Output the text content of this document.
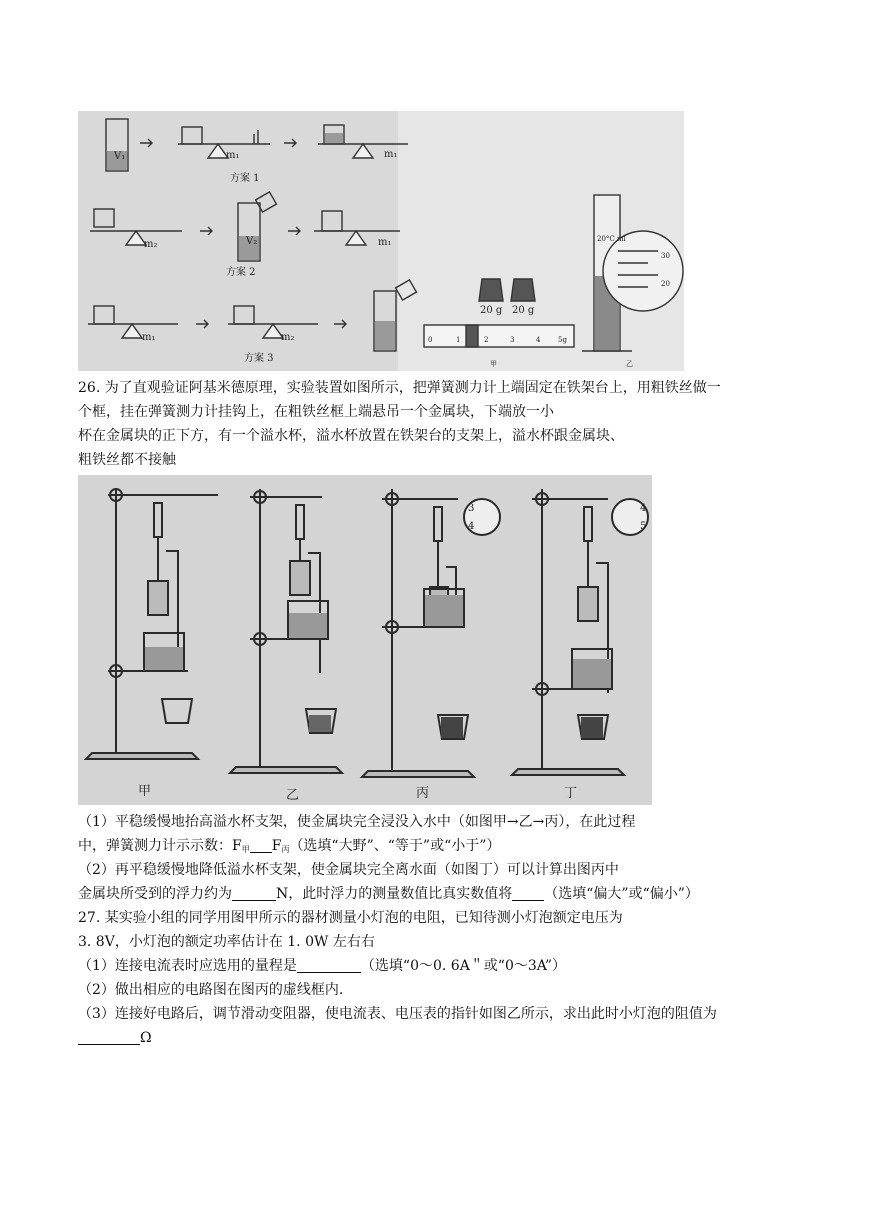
V₁
V₂
m₁	m₁
m₂	m₁
m₁	m₂
方案 1
方案 2
方案 3
20 g 20 g
0	1	2	3	4	5g
30
20
20°C ml
甲	乙
26. 为了直观验证阿基米德原理，实验装置如图所示，把弹簧测力计上端固定在铁架台上，用粗铁丝做一
个框，挂在弹簧测力计挂钩上，在粗铁丝框上端悬吊一个金属块，下端放一小
杯在金属块的正下方，有一个溢水杯，溢水杯放置在铁架台的支架上，溢水杯跟金属块、
粗铁丝都不接触
甲	乙	丙	丁
3
4
4
5
（1）平稳缓慢地抬高溢水杯支架，使金属块完全浸没入水中（如图甲→乙→丙），在此过程
中，弹簧测力计示示数：$F_甲$ $F_丙$（选填“大野”、“等于”或“小于”）
（2）再平稳缓慢地降低溢水杯支架，使金属块完全离水面（如图丁）可以计算出图丙中
金属块所受到的浮力约为	N，此时浮力的测量数值比真实数值将 （选填“偏大”或“偏小”）
27. 某实验小组的同学用图甲所示的器材测量小灯泡的电阻，已知待测小灯泡额定电压为
3. 8V，小灯泡的额定功率估计在 1. 0W 左右右
（1）连接电流表时应选用的量程是	（选填“0～0. 6A＂或“0～3A”）
（2）做出相应的电路图在图丙的虚线框内.
（3）连接好电路后，调节滑动变阻器，使电流表、电压表的指针如图乙所示，求出此时小灯泡的阻值为
Ω
